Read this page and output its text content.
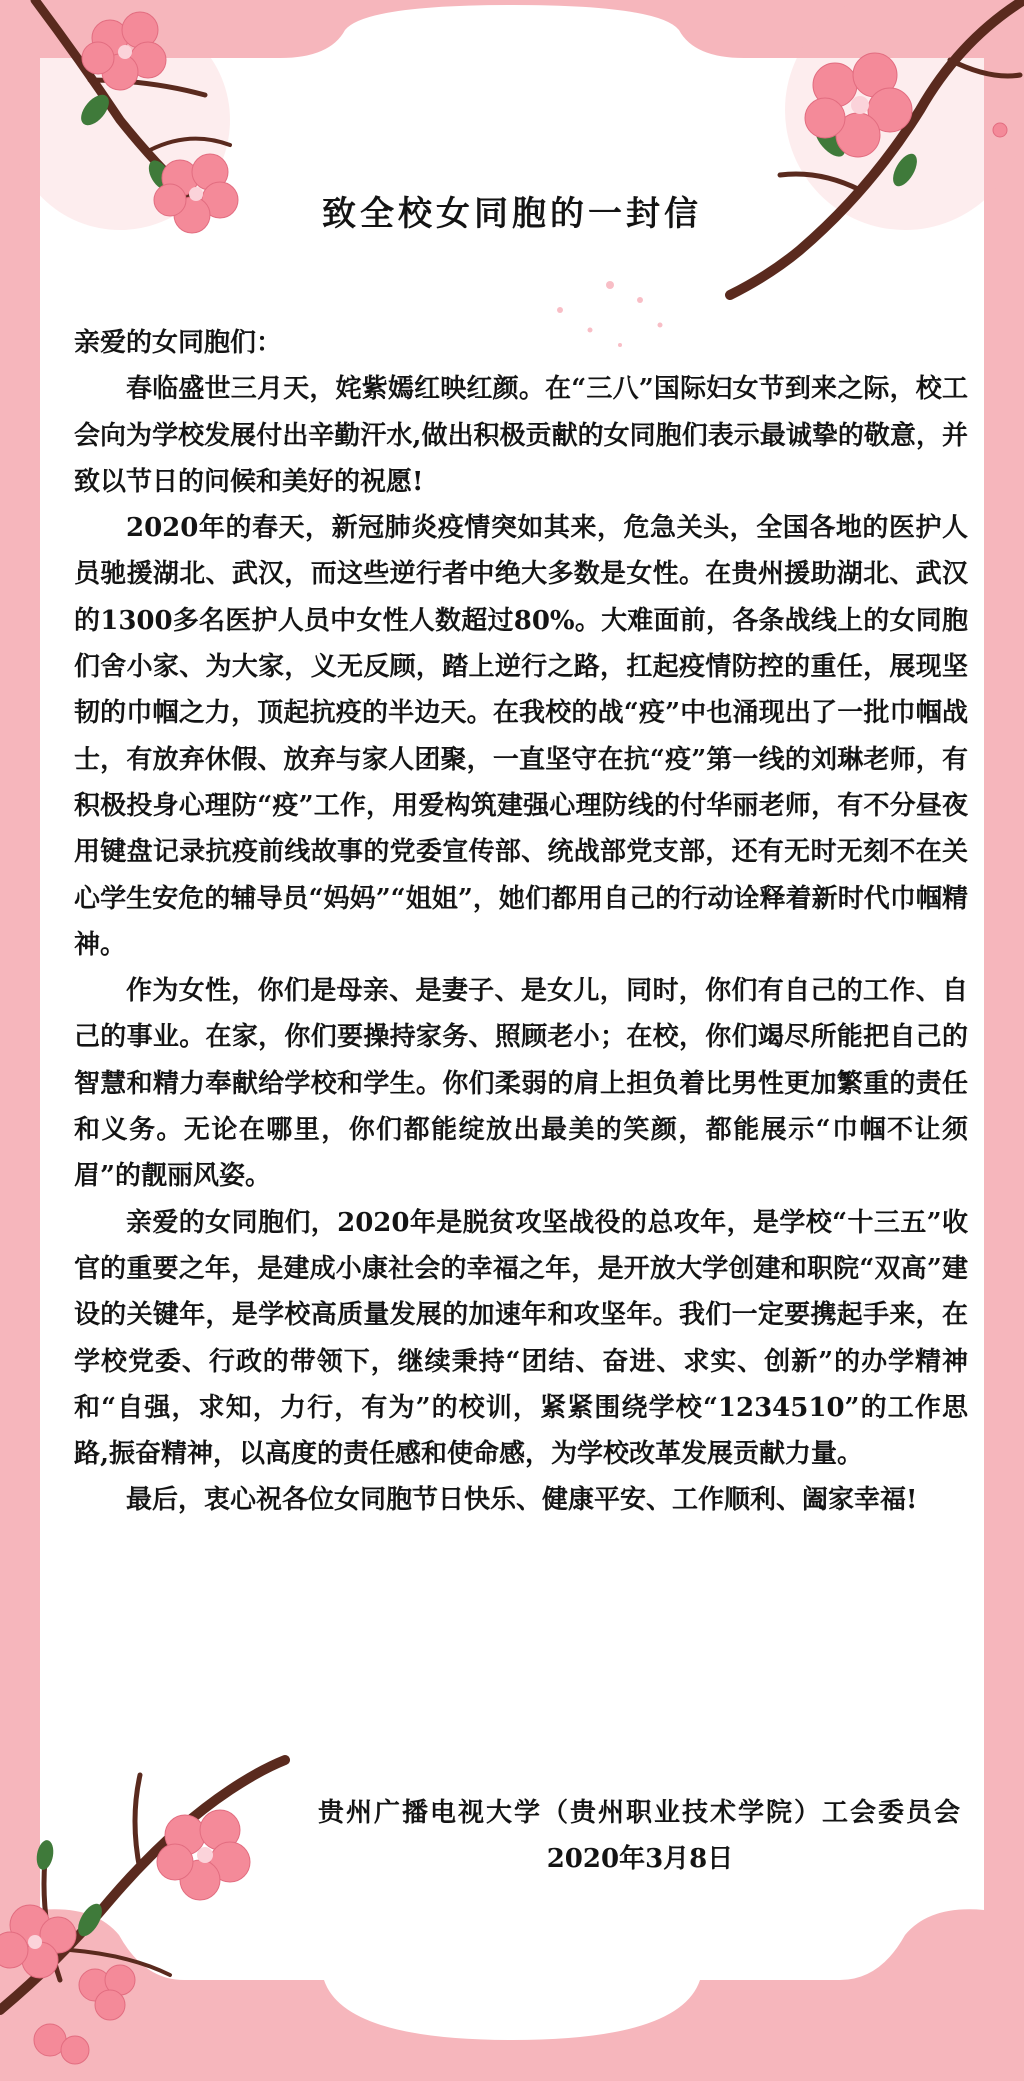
致全校女同胞的一封信

亲爱的女同胞们：

春临盛世三月天，姹紫嫣红映红颜。在“三八”国际妇女节到来之际，校工会向为学校发展付出辛勤汗水,做出积极贡献的女同胞们表示最诚挚的敬意，并致以节日的问候和美好的祝愿!

2020年的春天，新冠肺炎疫情突如其来，危急关头，全国各地的医护人员驰援湖北、武汉，而这些逆行者中绝大多数是女性。在贵州援助湖北、武汉的1300多名医护人员中女性人数超过80%。大难面前，各条战线上的女同胞们舍小家、为大家，义无反顾，踏上逆行之路，扛起疫情防控的重任，展现坚韧的巾帼之力，顶起抗疫的半边天。在我校的战“疫”中也涌现出了一批巾帼战士，有放弃休假、放弃与家人团聚，一直坚守在抗“疫”第一线的刘琳老师，有积极投身心理防“疫”工作，用爱构筑建强心理防线的付华丽老师，有不分昼夜用键盘记录抗疫前线故事的党委宣传部、统战部党支部，还有无时无刻不在关心学生安危的辅导员“妈妈”“姐姐”，她们都用自己的行动诠释着新时代巾帼精神。

作为女性，你们是母亲、是妻子、是女儿，同时，你们有自己的工作、自己的事业。在家，你们要操持家务、照顾老小；在校，你们竭尽所能把自己的智慧和精力奉献给学校和学生。你们柔弱的肩上担负着比男性更加繁重的责任和义务。无论在哪里，你们都能绽放出最美的笑颜，都能展示“巾帼不让须眉”的靓丽风姿。

亲爱的女同胞们，2020年是脱贫攻坚战役的总攻年，是学校“十三五”收官的重要之年，是建成小康社会的幸福之年，是开放大学创建和职院“双高”建设的关键年，是学校高质量发展的加速年和攻坚年。我们一定要携起手来，在学校党委、行政的带领下，继续秉持“团结、奋进、求实、创新”的办学精神和“自强，求知，力行，有为”的校训，紧紧围绕学校“1234510”的工作思路,振奋精神，以高度的责任感和使命感，为学校改革发展贡献力量。

最后，衷心祝各位女同胞节日快乐、健康平安、工作顺利、阖家幸福!

贵州广播电视大学（贵州职业技术学院）工会委员会
2020年3月8日
